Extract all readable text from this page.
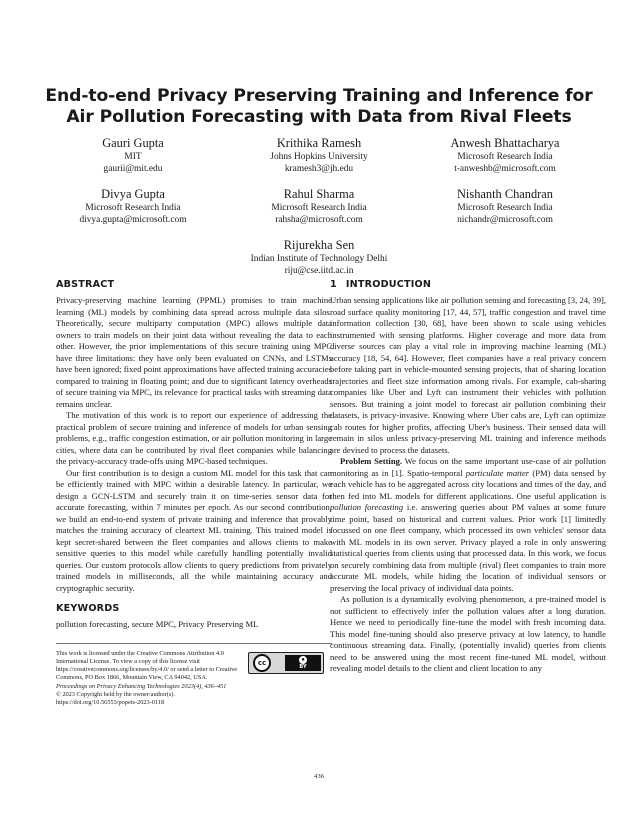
End-to-end Privacy Preserving Training and Inference for
Air Pollution Forecasting with Data from Rival Fleets
Gauri Gupta
MIT
gaurii@mit.edu
Krithika Ramesh
Johns Hopkins University
kramesh3@jh.edu
Anwesh Bhattacharya
Microsoft Research India
t-anweshb@microsoft.com
Divya Gupta
Microsoft Research India
divya.gupta@microsoft.com
Rahul Sharma
Microsoft Research India
rahsha@microsoft.com
Nishanth Chandran
Microsoft Research India
nichandr@microsoft.com
Rijurekha Sen
Indian Institute of Technology Delhi
riju@cse.iitd.ac.in
ABSTRACT

Privacy-preserving machine learning (PPML) promises to train machine learning (ML) models by combining data spread across multiple data silos. Theoretically, secure multiparty computation (MPC) allows multiple data owners to train models on their joint data without revealing the data to each other. However, the prior implementations of this secure training using MPC have three limitations: they have only been evaluated on CNNs, and LSTMs have been ignored; fixed point approximations have affected training accuracies compared to training in floating point; and due to significant latency overheads of secure training via MPC, its relevance for practical tasks with streaming data remains unclear.

The motivation of this work is to report our experience of addressing the practical problem of secure training and inference of models for urban sensing problems, e.g., traffic congestion estimation, or air pollution monitoring in large cities, where data can be contributed by rival fleet companies while balancing the privacy-accuracy trade-offs using MPC-based techniques.

Our first contribution is to design a custom ML model for this task that can be efficiently trained with MPC within a desirable latency. In particular, we design a GCN-LSTM and securely train it on time-series sensor data for accurate forecasting, within 7 minutes per epoch. As our second contribution, we build an end-to-end system of private training and inference that provably matches the training accuracy of cleartext ML training. This trained model is kept secret-shared between the fleet companies and allows clients to make sensitive queries to this model while carefully handling potentially invalid queries. Our custom protocols allow clients to query predictions from privately trained models in milliseconds, all the while maintaining accuracy and cryptographic security.

KEYWORDS

pollution forecasting, secure MPC, Privacy Preserving ML

This work is licensed under the Creative Commons Attribution 4.0 International License. To view a copy of this license visit https://creativecommons.org/licenses/by/4.0/ or send a letter to Creative Commons, PO Box 1866, Mountain View, CA 94042, USA.
cc	●
BY
Proceedings on Privacy Enhancing Technologies 2023(4), 436–451
© 2023 Copyright held by the owner/author(s).
https://doi.org/10.56553/popets-2023-0118
1 INTRODUCTION

Urban sensing applications like air pollution sensing and forecasting [3, 24, 39], road surface quality monitoring [17, 44, 57], traffic congestion and travel time information collection [30, 68], have been shown to scale using vehicles instrumented with sensing platforms. Higher coverage and more data from diverse sources can play a vital role in improving machine learning (ML) accuracy [18, 54, 64]. However, fleet companies have a real privacy concern before taking part in vehicle-mounted sensing projects, that of sharing location trajectories and fleet size information among rivals. For example, cab-sharing companies like Uber and Lyft can instrument their vehicles with pollution sensors. But training a joint model to forecast air pollution combining their datasets, is privacy-invasive. Knowing where Uber cabs are, Lyft can optimize cab routes for higher profits, affecting Uber's business. Their sensed data will remain in silos unless privacy-preserving ML training and inference methods are devised to process the datasets.

Problem Setting. We focus on the same important use-case of air pollution monitoring as in [1]. Spatio-temporal particulate matter (PM) data sensed by each vehicle has to be aggregated across city locations and times of the day, and then fed into ML models for different applications. One useful application is pollution forecasting i.e. answering queries about PM values at some future time point, based on historical and current values. Prior work [1] limitedly focussed on one fleet company, which processed its own vehicles' sensor data with ML models in its own server. Privacy played a role in only answering statistical queries from clients using that processed data. In this work, we focus on securely combining data from multiple (rival) fleet companies to train more accurate ML models, while hiding the location of individual sensors or preserving the local privacy of individual data points.

As pollution is a dynamically evolving phenomenon, a pre-trained model is not sufficient to effectively infer the pollution values after a long duration. Hence we need to periodically fine-tune the model with fresh incoming data. This model fine-tuning should also preserve privacy at low latency, to handle continuous streaming data. Finally, (potentially invalid) queries from clients need to be answered using the most recent fine-tuned ML model, without revealing model details to the client and client location to any

436
